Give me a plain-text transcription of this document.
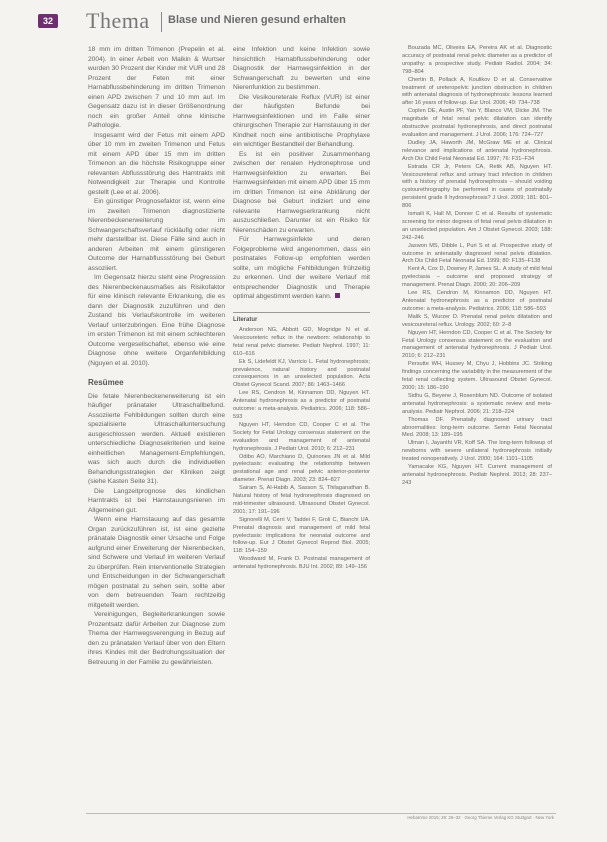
32 Thema Blase und Nieren gesund erhalten

18 mm im dritten Trimenon (Prepelin et al. 2004). In einer Arbeit von Malkin & Wurtser wurden 30 Prozent der Kinder mit VUR und 28 Prozent der Feten mit einer Harnabflussbehinderung im dritten Trimenon einen APD zwischen 7 und 10 mm auf. Im Gegensatz dazu ist in dieser Größenordnung noch ein großer Anteil ohne klinische Pathologie.

Insgesamt wird der Fetus mit einem APD über 10 mm im zweiten Trimenon und Fetus mit einem APD über 15 mm im dritten Trimenon an die höchste Risikogruppe einer relevanten Abflussstörung des Harntrakts mit Notwendigkeit zur Therapie und Kontrolle gestellt (Lee et al. 2006).

Ein günstiger Prognosefaktor ist, wenn eine im zweiten Trimenon diagnostizierte Nierenbeckenerweiterung im Schwangerschaftsverlauf rückläufig oder nicht mehr darstellbar ist. Diese Fälle sind auch in anderen Arbeiten mit einem günstigeren Outcome der Harnabflussstörung bei Geburt assoziiert.

Im Gegensatz hierzu steht eine Progression des Nierenbeckenausmaßes als Risikofaktor für eine klinisch relevante Erkrankung, die es dann der Diagnostik zuzuführen und den Zustand bis Verlaufskontrolle im weiteren Verlauf unterzubringen. Eine frühe Diagnose im ersten Trimenon ist mit einem schlechteren Outcome vergesellschaftet, ebenso wie eine Diagnose ohne weitere Organfehlbildung (Nguyen et al. 2010).

Resümee

Die fetale Nierenbeckenerweiterung ist ein häufiger pränataler Ultraschallbefund. Assoziierte Fehlbildungen sollten durch eine spezialisierte Ultraschalluntersuchung ausgeschlossen werden. Aktuell existieren unterschiedliche Diagnosekriterien und keine einheitlichen Management-Empfehlungen, was sich auch durch die individuellen Behandlungsstrategien der Kliniken zeigt (siehe Kasten Seite 31).

Die Langzeitprognose des kindlichen Harntrakts ist bei Harnstauungsnieren im Allgemeinen gut.

Wenn eine Harnstauung auf das gesamte Organ zurückzuführen ist, ist eine gezielte pränatale Diagnostik einer Ursache und Folge aufgrund einer Erweiterung der Nierenbecken, sind Schwere und Verlauf im weiteren Verlauf zu überprüfen. Rein interventionelle Strategien und Entscheidungen in der Schwangerschaft mögen postnatal zu sehen sein, sollte aber von dem betreuenden Team rechtzeitig mitgeteilt werden.

Vereinigungen, Begleiterkrankungen sowie Prozentsatz dafür Arbeiten zur Diagnose zum Thema der Harnwegsverengung in Bezug auf den zu pränatalen Verlauf über von den Eltern ihres Kindes mit der Bedrohungssituation der Betreuung in der Familie zu gewährleisten.

eine Infektion und keine Infektion sowie hinsichtlich Harnabflussbehinderung oder Diagnostik der Harnwegsinfektion in der Schwangerschaft zu bewerten und eine Nierenfunktion zu bestimmen.

Die Vesikoureterale Reflux (VUR) ist einer der häufigsten Befunde bei Harnwegsinfektionen und im Falle einer chirurgischen Therapie zur Harnstauung in der Kindheit noch eine antibiotische Prophylaxe ein wichtiger Bestandteil der Behandlung.

Es ist ein positiver Zusammenhang zwischen der renalen Hydronephrose und Harnwegsinfektion zu erwarten. Bei Harnwegsinfekten mit einem APD über 15 mm im dritten Trimenon ist eine Abklärung der Diagnose bei Geburt indiziert und eine relevante Harnwegserkrankung nicht auszuschließen. Darunter ist ein Risiko für Nierenschäden zu erwarten.

Für Harnwegsinfekte und deren Folgeprobleme wird angenommen, dass ein postnatales Follow-up empfohlen werden sollte, um mögliche Fehlbildungen frühzeitig zu erkennen. Und der weitere Verlauf mit entsprechender Diagnostik und Therapie optimal abgestimmt werden kann.

Literatur

Anderson NG, Abbott GD, Mogridge N et al. Vesicoureteric reflux in the newborn: relationship to fetal renal pelvic diameter. Pediatr Nephrol. 1997; 11: 610–616

Ek S, Lidefeldt KJ, Varricio L. Fetal hydronephrosis; prevalence, natural history and postnatal consequences in an unselected population. Acta Obstet Gynecol Scand. 2007; 86: 1463–1466

Lee RS, Cendron M, Kinnamon DD, Nguyen HT. Antenatal hydronephrosis as a predictor of postnatal outcome: a meta-analysis. Pediatrics. 2006; 118: 586–593

Nguyen HT, Herndon CD, Cooper C et al. The Society for Fetal Urology consensus statement on the evaluation and management of antenatal hydronephrosis. J Pediatr Urol. 2010; 6: 212–231

Odibo AO, Marchiano D, Quinones JN et al. Mild pyelectasis: evaluating the relationship between gestational age and renal pelvic anterior-posterior diameter. Prenat Diagn. 2003; 23: 824–827

Sairam S, Al-Habib A, Sasson S, Thilaganathan B. Natural history of fetal hydronephrosis diagnosed on mid-trimester ultrasound. Ultrasound Obstet Gynecol. 2001; 17: 191–196

Signorelli M, Cerri V, Taddei F, Groli C, Bianchi UA. Prenatal diagnosis and management of mild fetal pyelectasis: implications for neonatal outcome and follow-up. Eur J Obstet Gynecol Reprod Biol. 2005; 118: 154–159

Woodward M, Frank D. Postnatal management of antenatal hydronephrosis. BJU Int. 2002; 89: 149–156

Bouzada MC, Oliveira EA, Pereira AK et al. Diagnostic accuracy of postnatal renal pelvic diameter as a predictor of uropathy: a prospective study. Pediatr Radiol. 2004; 34: 798–804

Chertin B, Pollack A, Koulikov D et al. Conservative treatment of ureteropelvic junction obstruction in children with antenatal diagnosis of hydronephrosis: lessons learned after 16 years of follow-up. Eur Urol. 2006; 49: 734–738

Coplen DE, Austin PF, Yan Y, Blanco VM, Dicke JM. The magnitude of fetal renal pelvic dilatation can identify obstructive postnatal hydronephrosis, and direct postnatal evaluation and management. J Urol. 2006; 176: 724–727

Dudley JA, Haworth JM, McGraw ME et al. Clinical relevance and implications of antenatal hydronephrosis. Arch Dis Child Fetal Neonatal Ed. 1997; 76: F31–F34

Estrada CR Jr, Peters CA, Retik AB, Nguyen HT. Vesicoureteral reflux and urinary tract infection in children with a history of prenatal hydronephrosis – should voiding cystourethrography be performed in cases of postnatally persistent grade II hydronephrosis? J Urol. 2009; 181: 801–806

Ismaili K, Hall M, Donner C et al. Results of systematic screening for minor degrees of fetal renal pelvis dilatation in an unselected population. Am J Obstet Gynecol. 2003; 188: 242–246

Jaswon MS, Dibble L, Puri S et al. Prospective study of outcome in antenatally diagnosed renal pelvis dilatation. Arch Dis Child Fetal Neonatal Ed. 1999; 80: F135–F138

Kent A, Cox D, Downey P, James SL. A study of mild fetal pyelectasia – outcome and proposed strategy of management. Prenat Diagn. 2000; 20: 206–209

Lee RS, Cendron M, Kinnamon DD, Nguyen HT. Antenatal hydronephrosis as a predictor of postnatal outcome: a meta-analysis. Pediatrics. 2006; 118: 586–593

Malik S, Wurzer D. Prenatal renal pelvis dilatation and vesicoureteral reflux. Urology. 2002; 60: 2–8

Nguyen HT, Herndon CD, Cooper C et al. The Society for Fetal Urology consensus statement on the evaluation and management of antenatal hydronephrosis. J Pediatr Urol. 2010; 6: 212–231

Persutte WH, Hussey M, Chyu J, Hobbins JC. Striking findings concerning the variability in the measurement of the fetal renal collecting system. Ultrasound Obstet Gynecol. 2000; 15: 186–190

Sidhu G, Beyene J, Rosenblum ND. Outcome of isolated antenatal hydronephrosis: a systematic review and meta-analysis. Pediatr Nephrol. 2006; 21: 218–224

Thomas DF. Prenatally diagnosed urinary tract abnormalities: long-term outcome. Semin Fetal Neonatal Med. 2008; 13: 189–195

Ulman I, Jayanthi VR, Koff SA. The long-term followup of newborns with severe unilateral hydronephrosis initially treated nonoperatively. J Urol. 2000; 164: 1101–1105

Yamacake KG, Nguyen HT. Current management of antenatal hydronephrosis. Pediatr Nephrol. 2013; 28: 237–243

Hebamme 2015; 28: 26–32 · Georg Thieme Verlag KG Stuttgart · New York
